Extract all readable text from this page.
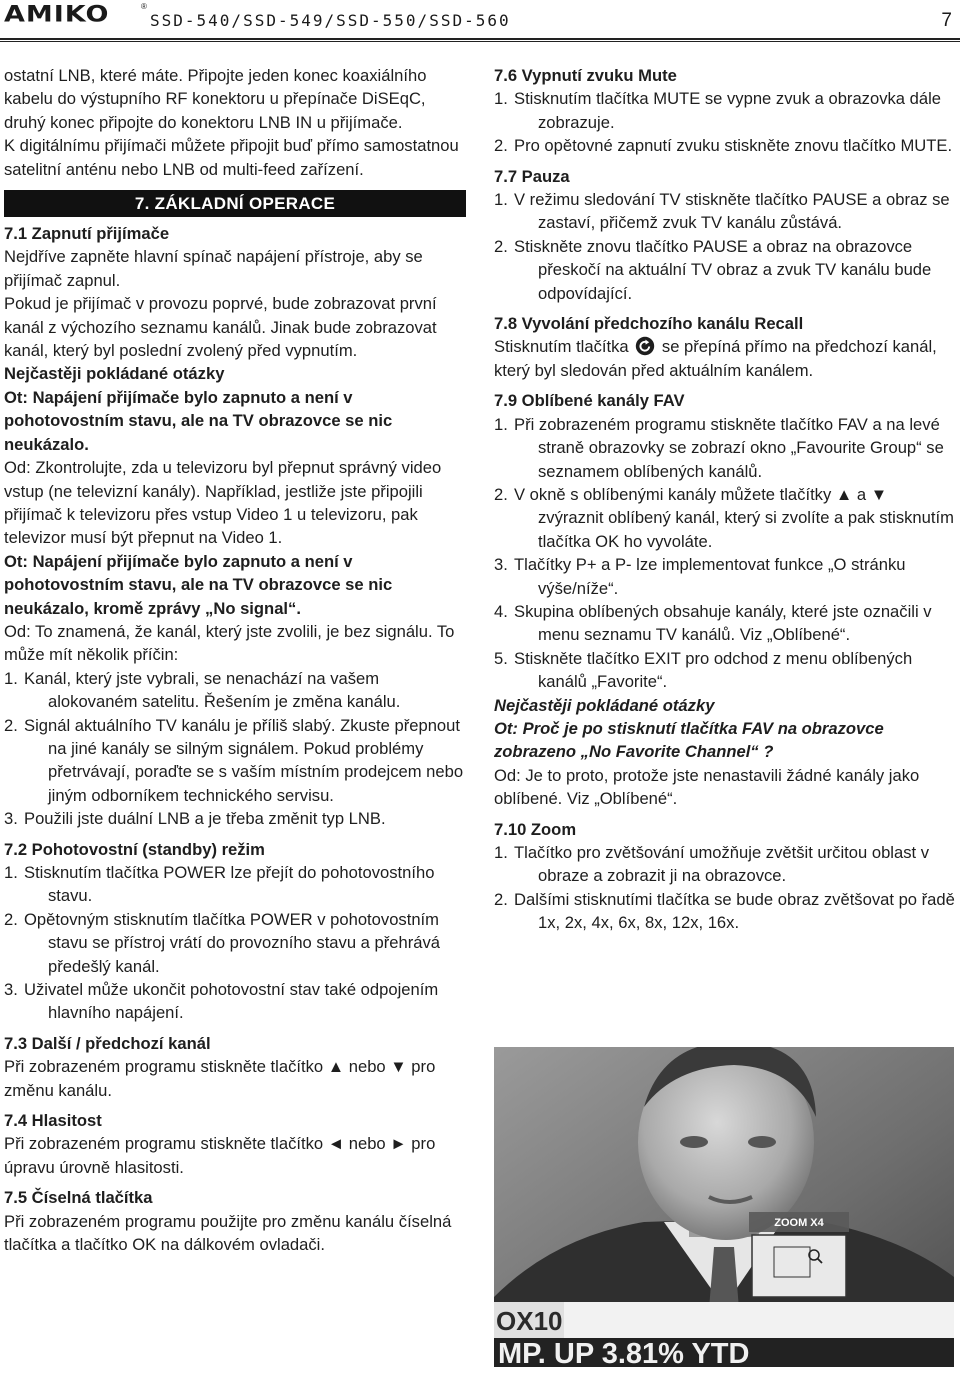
AMIKO	®
SSD-540/SSD-549/SSD-550/SSD-560	7

ostatní LNB, které máte. Připojte jeden konec koaxiálního kabelu do výstupního RF konektoru u přepínače DiSEqC, druhý konec připojte do konektoru LNB IN u přijímače.

K digitálnímu přijímači můžete připojit buď přímo samostatnou satelitní anténu nebo LNB od multi-feed zařízení.

7. ZÁKLADNÍ OPERACE

7.1 Zapnutí přijímače

Nejdříve zapněte hlavní spínač napájení přístroje, aby se přijímač zapnul.

Pokud je přijímač v provozu poprvé, bude zobrazovat první kanál z výchozího seznamu kanálů. Jinak bude zobrazovat kanál, který byl poslední zvolený před vypnutím.

Nejčastěji pokládané otázky

Ot: Napájení přijímače bylo zapnuto a není v pohotovostním stavu, ale na TV obrazovce se nic neukázalo.

Od: Zkontrolujte, zda u televizoru byl přepnut správný video vstup (ne televizní kanály). Například, jestliže jste připojili přijímač k televizoru přes vstup Video 1 u televizoru, pak televizor musí být přepnut na Video 1.

Ot: Napájení přijímače bylo zapnuto a není v pohotovostním stavu, ale na TV obrazovce se nic neukázalo, kromě zprávy „No signal“.

Od: To znamená, že kanál, který jste zvolili, je bez signálu. To může mít několik příčin:

1. Kanál, který jste vybrali, se nenachází na vašem alokovaném satelitu. Řešením je změna kanálu.
2. Signál aktuálního TV kanálu je příliš slabý. Zkuste přepnout na jiné kanály se silným signálem. Pokud problémy přetrvávají, poraďte se s vaším místním prodejcem nebo jiným odborníkem technického servisu.
3. Použili jste duální LNB a je třeba změnit typ LNB.

7.2 Pohotovostní (standby) režim

1. Stisknutím tlačítka POWER lze přejít do pohotovostního stavu.
2. Opětovným stisknutím tlačítka POWER v pohotovostním stavu se přístroj vrátí do provozního stavu a přehrává předešlý kanál.
3. Uživatel může ukončit pohotovostní stav také odpojením hlavního napájení.

7.3 Další / předchozí kanál

Při zobrazeném programu stiskněte tlačítko ▲ nebo ▼ pro změnu kanálu.

7.4 Hlasitost

Při zobrazeném programu stiskněte tlačítko ◄ nebo ► pro úpravu úrovně hlasitosti.

7.5 Číselná tlačítka

Při zobrazeném programu použijte pro změnu kanálu číselná tlačítka a tlačítko OK na dálkovém ovladači.

7.6 Vypnutí zvuku Mute

1. Stisknutím tlačítka MUTE se vypne zvuk a obrazovka dále zobrazuje.
2. Pro opětovné zapnutí zvuku stiskněte znovu tlačítko MUTE.

7.7 Pauza

1. V režimu sledování TV stiskněte tlačítko PAUSE a obraz se zastaví, přičemž zvuk TV kanálu zůstává.
2. Stiskněte znovu tlačítko PAUSE a obraz na obrazovce přeskočí na aktuální TV obraz a zvuk TV kanálu bude odpovídající.

7.8 Vyvolání předchozího kanálu Recall

Stisknutím tlačítka se přepíná přímo na předchozí kanál, který byl sledován před aktuálním kanálem.

7.9 Oblíbené kanály FAV

1. Při zobrazeném programu stiskněte tlačítko FAV a na levé straně obrazovky se zobrazí okno „Favourite Group“ se seznamem oblíbených kanálů.
2. V okně s oblíbenými kanály můžete tlačítky ▲ a ▼ zvýraznit oblíbený kanál, který si zvolíte a pak stisknutím tlačítka OK ho vyvoláte.
3. Tlačítky P+ a P- lze implementovat funkce „O stránku výše/níže“.
4. Skupina oblíbených obsahuje kanály, které jste označili v menu seznamu TV kanálů. Viz „Oblíbené“.
5. Stiskněte tlačítko EXIT pro odchod z menu oblíbených kanálů „Favorite“.

Nejčastěji pokládané otázky

Ot: Proč je po stisknutí tlačítka FAV na obrazovce zobrazeno „No Favorite Channel“ ?

Od: Je to proto, protože jste nenastavili žádné kanály jako oblíbené. Viz „Oblíbené“.

7.10 Zoom

1. Tlačítko pro zvětšování umožňuje zvětšit určitou oblast v obraze a zobrazit ji na obrazovce.
2. Dalšími stisknutími tlačítka se bude obraz zvětšovat po řadě 1x, 2x, 4x, 6x, 8x, 12x, 16x.
ZOOM X4
OX10
MP. UP 3.81% YTD
